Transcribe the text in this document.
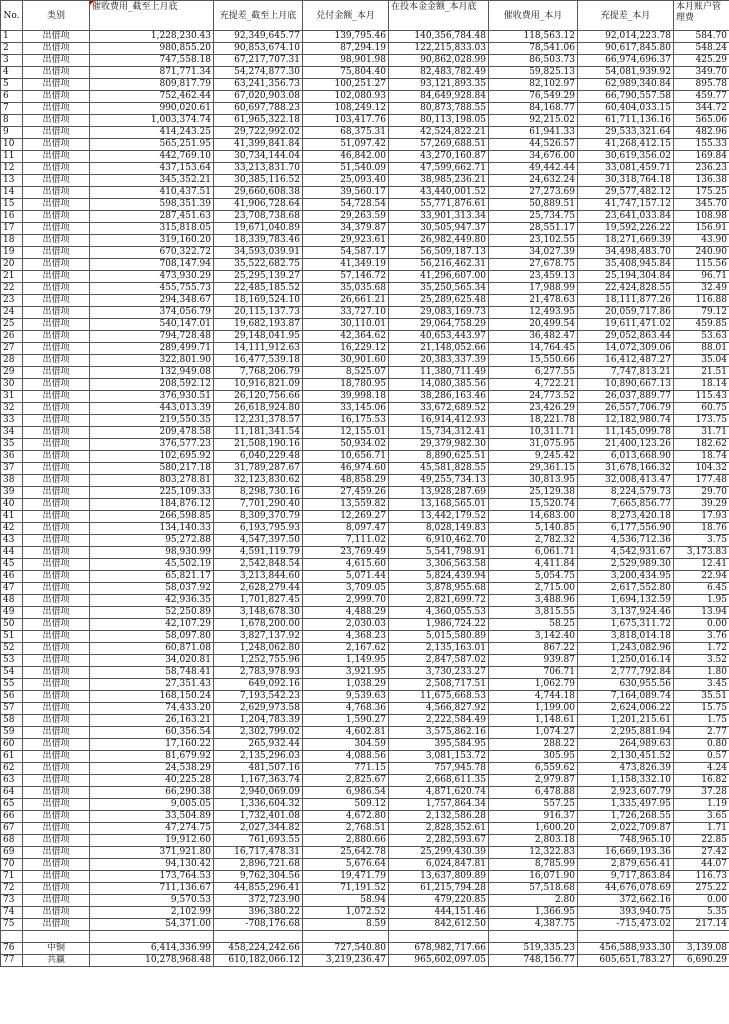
No.	类别	催收费用_截至上月底	充提差_截至上月底	兑付金额_本月	在投本金金额_本月底	催收费用_本月	充提差_本月	本月账户管理费
1	出借项	1,228,230.43	92,349,645.77	139,795.46	140,356,784.48	118,563.12	92,014,223.78	584.70
2	出借项	980,855.20	90,853,674.10	87,294.19	122,215,833.03	78,541.06	90,617,845.80	548.24
3	出借项	747,558.18	67,217,707.31	98,901.98	90,862,028.99	86,503.73	66,974,696.37	425.29
4	出借项	871,771.34	54,274,877.30	75,804.40	82,483,782.49	59,825.13	54,081,939.92	349.70
5	出借项	809,817.79	63,241,356.73	100,251.27	93,121,893.35	82,102.97	62,989,340.84	895.78
6	出借项	752,462.44	67,020,903.08	102,080.93	84,649,928.84	76,549.29	66,790,557.58	459.77
7	出借项	990,020.61	60,697,788.23	108,249.12	80,873,788.55	84,168.77	60,404,033.15	344.72
8	出借项	1,003,374.74	61,965,322.18	103,417.76	80,113,198.05	92,215.02	61,711,136.16	565.06
9	出借项	414,243.25	29,722,992.02	68,375.31	42,524,822.21	61,941.33	29,533,321.64	482.96
10	出借项	565,251.95	41,399,841.84	51,097.42	57,269,688.51	44,526.57	41,268,412.15	155.33
11	出借项	442,769.10	30,734,144.04	46,842.00	43,270,160.87	34,676.00	30,619,356.02	169.84
12	出借项	437,153.64	33,213,831.70	51,540.09	47,599,662.71	49,442.44	33,081,459.71	236.23
13	出借项	345,352.21	30,385,116.52	25,093.40	38,985,236.21	24,632.24	30,318,764.18	136.38
14	出借项	410,437.51	29,660,608.38	39,560.17	43,440,001.52	27,273.69	29,577,482.12	175.25
15	出借项	598,351.39	41,906,728.64	54,728.54	55,771,876.61	50,889.51	41,747,157.12	345.70
16	出借项	287,451.63	23,708,738.68	29,263.59	33,901,313.34	25,734.75	23,641,033.84	108.98
17	出借项	315,818.05	19,671,040.89	34,379.87	30,505,947.37	28,551.17	19,592,226.22	156.91
18	出借项	319,160.20	18,339,783.46	29,923.61	26,982,449.80	23,102.55	18,271,669.39	43.90
19	出借项	670,322.72	34,593,039.91	54,587.17	56,509,187.13	34,027.39	34,498,483.70	240.90
20	出借项	708,147.94	35,522,682.75	41,349.19	56,216,462.31	27,678.75	35,408,945.84	115.56
21	出借项	473,930.29	25,295,139.27	57,146.72	41,296,607.00	23,459.13	25,194,304.84	96.71
22	出借项	455,755.73	22,485,185.52	35,035.68	35,250,565.34	17,988.99	22,424,828.55	32.49
23	出借项	294,348.67	18,169,524.10	26,661.21	25,289,625.48	21,478.63	18,111,877.26	116.88
24	出借项	374,056.79	20,115,137.73	33,727.10	29,083,169.73	12,493.95	20,059,717.86	79.12
25	出借项	540,147.01	19,682,193.87	30,110.01	29,064,758.29	20,499.54	19,611,471.02	459.85
26	出借项	794,728.48	29,148,041.95	42,364.62	40,653,443.97	36,482.47	29,052,863.44	53.63
27	出借项	289,499.71	14,111,912.63	16,229.12	21,148,052.66	14,764.45	14,072,309.06	88.01
28	出借项	322,801.90	16,477,539.18	30,901.60	20,383,337.39	15,550.66	16,412,487.27	35.04
29	出借项	132,949.08	7,768,206.79	8,525.07	11,380,711.49	6,277.55	7,747,813.21	21.51
30	出借项	208,592.12	10,916,821.09	18,780.95	14,080,385.56	4,722.21	10,890,667.13	18.14
31	出借项	376,930.51	26,120,756.66	39,998.18	38,286,163.46	24,773.52	26,037,889.77	115.43
32	出借项	443,013.39	26,618,924.80	33,145.06	33,672,689.52	23,426.29	26,557,706.79	60.75
33	出借项	219,550.35	12,231,378.57	16,175.53	16,914,412.93	18,221.78	12,182,980.74	173.75
34	出借项	209,478.58	11,181,341.54	12,155.01	15,734,312.41	10,311.71	11,145,099.78	31.71
35	出借项	376,577.23	21,508,190.16	50,934.02	29,379,982.30	31,075.95	21,400,123.26	182.62
36	出借项	102,695.92	6,040,229.48	10,656.71	8,890,625.51	9,245.42	6,013,668.90	18.74
37	出借项	580,217.18	31,789,287.67	46,974.60	45,581,828.55	29,361.15	31,678,166.32	104.32
38	出借项	803,278.81	32,123,830.62	48,858.29	49,255,734.13	30,813.95	32,008,413.47	177.48
39	出借项	225,109.33	8,298,730.16	27,459.26	13,928,287.69	25,129.38	8,224,579.73	29.70
40	出借项	184,876.12	7,701,290.40	13,559.82	13,168,565.01	15,520.74	7,665,856.77	39.29
41	出借项	266,598.85	8,309,370.79	12,269.27	13,442,179.52	14,683.00	8,273,420.18	17.93
42	出借项	134,140.33	6,193,795.93	8,097.47	8,028,149.83	5,140.85	6,177,556.90	18.76
43	出借项	95,272.88	4,547,397.50	7,111.02	6,910,462.70	2,782.32	4,536,712.36	3.75
44	出借项	98,930.99	4,591,119.79	23,769.49	5,541,798.91	6,061.71	4,542,931.67	3,173.83
45	出借项	45,502.19	2,542,848.54	4,615.60	3,306,563.58	4,411.84	2,529,989.30	12.41
46	出借项	65,821.17	3,213,844.60	5,071.44	5,824,439.94	5,054.75	3,200,434.95	22.94
47	出借项	58,037.92	2,628,279.44	3,709.05	3,878,955.68	2,715.00	2,617,552.80	6.45
48	出借项	42,936.35	1,701,827.45	2,999.70	2,821,699.72	3,488.96	1,694,132.59	1.95
49	出借项	52,250.89	3,148,678.30	4,488.29	4,360,055.53	3,815.55	3,137,924.46	13.94
50	出借项	42,107.29	1,678,200.00	2,030.03	1,986,724.22	58.25	1,675,311.72	0.00
51	出借项	58,097.80	3,827,137.92	4,368.23	5,015,580.89	3,142.40	3,818,014.18	3.76
52	出借项	60,871.08	1,248,062.80	2,167.62	2,135,163.01	867.22	1,243,082.96	1.72
53	出借项	34,020.81	1,252,755.96	1,149.95	2,847,587.02	939.87	1,250,016.14	3.52
54	出借项	58,748.41	2,783,978.93	3,921.95	3,730,233.27	706.71	2,777,792.84	1.80
55	出借项	27,351.43	649,092.16	1,038.29	2,508,717.51	1,062.79	630,955.56	3.45
56	出借项	168,150.24	7,193,542.23	9,539.63	11,675,668.53	4,744.18	7,164,089.74	35.51
57	出借项	74,433.20	2,629,973.58	4,768.36	4,566,827.92	1,199.00	2,624,006.22	15.75
58	出借项	26,163.21	1,204,783.39	1,590.27	2,222,584.49	1,148.61	1,201,215.61	1.75
59	出借项	60,356.54	2,302,799.02	4,602.81	3,575,862.16	1,074.27	2,295,881.94	2.77
60	出借项	17,160.22	265,932.44	304.59	395,584.95	288.22	264,989.63	0.80
61	出借项	81,679.92	2,135,296.03	4,088.56	3,081,153.72	305.95	2,130,451.52	0.57
62	出借项	24,538.29	481,507.16	771.15	757,945.78	6,559.62	473,826.39	4.24
63	出借项	40,225.28	1,167,363.74	2,825.67	2,668,611.35	2,979.87	1,158,332.10	16.82
64	出借项	66,290.38	2,940,069.09	6,986.54	4,871,620.74	6,478.88	2,923,607.79	37.28
65	出借项	9,005.05	1,336,604.32	509.12	1,757,864.34	557.25	1,335,497.95	1.19
66	出借项	33,504.89	1,732,401.08	4,672.80	2,132,586.28	916.37	1,726,268.55	3.65
67	出借项	47,274.75	2,027,344.82	2,768.51	2,828,352.61	1,600.20	2,022,709.87	1.71
68	出借项	19,912.60	761,693.55	2,880.66	2,282,593.67	2,803.18	748,965.10	22.85
69	出借项	371,921.80	16,717,478.31	25,642.78	25,299,430.39	12,322.83	16,669,193.36	27.42
70	出借项	94,130.42	2,896,721.68	5,676.64	6,024,847.81	8,785.99	2,879,656.41	44.07
71	出借项	173,764.53	9,762,304.56	19,471.79	13,637,809.89	16,071.90	9,717,863.84	116.73
72	出借项	711,136.67	44,855,296.41	71,191.52	61,215,794.28	57,518.68	44,676,078.69	275.22
73	出借项	9,570.53	372,723.90	58.94	479,220.85	2.80	372,662.16	0.00
74	出借项	2,102.99	396,380.22	1,072.52	444,151.46	1,366.95	393,940.75	5.35
75	出借项	54,371.00	-708,176.68	8.59	842,612.50	4,387.75	-715,473.02	217.14

76	中铜	6,414,336.99	458,224,242.66	727,540.80	678,982,717.66	519,335.23	456,588,933.30	3,139.08
77	共赢	10,278,968.48	610,182,066.12	3,219,236.47	965,602,097.05	748,156.77	605,651,783.27	6,690.29
